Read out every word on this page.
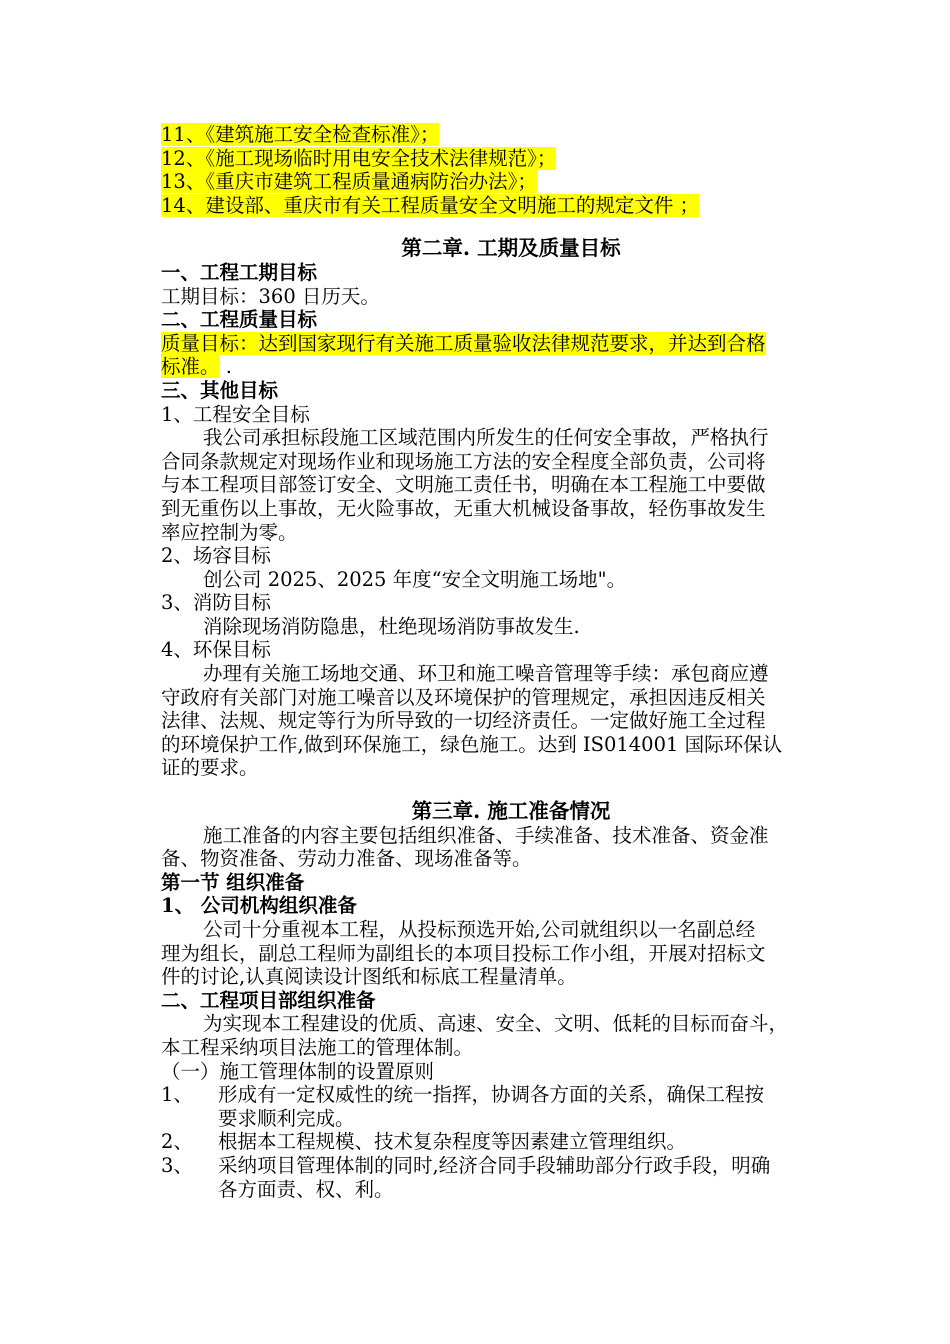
11、《建筑施工安全检查标准》；
12、《施工现场临时用电安全技术法律规范》；
13、《重庆市建筑工程质量通病防治办法》；
14、建设部、重庆市有关工程质量安全文明施工的规定文件 ；
第二章. 工期及质量目标
一、工程工期目标
工期目标：360 日历天。
二、工程质量目标
质量目标：达到国家现行有关施工质量验收法律规范要求，并达到合格
标准。 .
三、其他目标
1、工程安全目标
我公司承担标段施工区域范围内所发生的任何安全事故，严格执行
合同条款规定对现场作业和现场施工方法的安全程度全部负责，公司将
与本工程项目部签订安全、文明施工责任书，明确在本工程施工中要做
到无重伤以上事故，无火险事故，无重大机械设备事故，轻伤事故发生
率应控制为零。
2、场容目标
创公司 2025、2025 年度“安全文明施工场地"。
3、消防目标
消除现场消防隐患，杜绝现场消防事故发生.
4、环保目标
办理有关施工场地交通、环卫和施工噪音管理等手续：承包商应遵
守政府有关部门对施工噪音以及环境保护的管理规定，承担因违反相关
法律、法规、规定等行为所导致的一切经济责任。一定做好施工全过程
的环境保护工作,做到环保施工，绿色施工。达到 IS014001 国际环保认
证的要求。
第三章. 施工准备情况
施工准备的内容主要包括组织准备、手续准备、技术准备、资金准
备、物资准备、劳动力准备、现场准备等。
第一节 组织准备
1、 公司机构组织准备
公司十分重视本工程，从投标预选开始,公司就组织以一名副总经
理为组长，副总工程师为副组长的本项目投标工作小组，开展对招标文
件的讨论,认真阅读设计图纸和标底工程量清单。
二、工程项目部组织准备
为实现本工程建设的优质、高速、安全、文明、低耗的目标而奋斗，
本工程采纳项目法施工的管理体制。
（一）施工管理体制的设置原则
1、 形成有一定权威性的统一指挥，协调各方面的关系，确保工程按
要求顺利完成。
2、 根据本工程规模、技术复杂程度等因素建立管理组织。
3、 采纳项目管理体制的同时,经济合同手段辅助部分行政手段，明确
各方面责、权、利。
